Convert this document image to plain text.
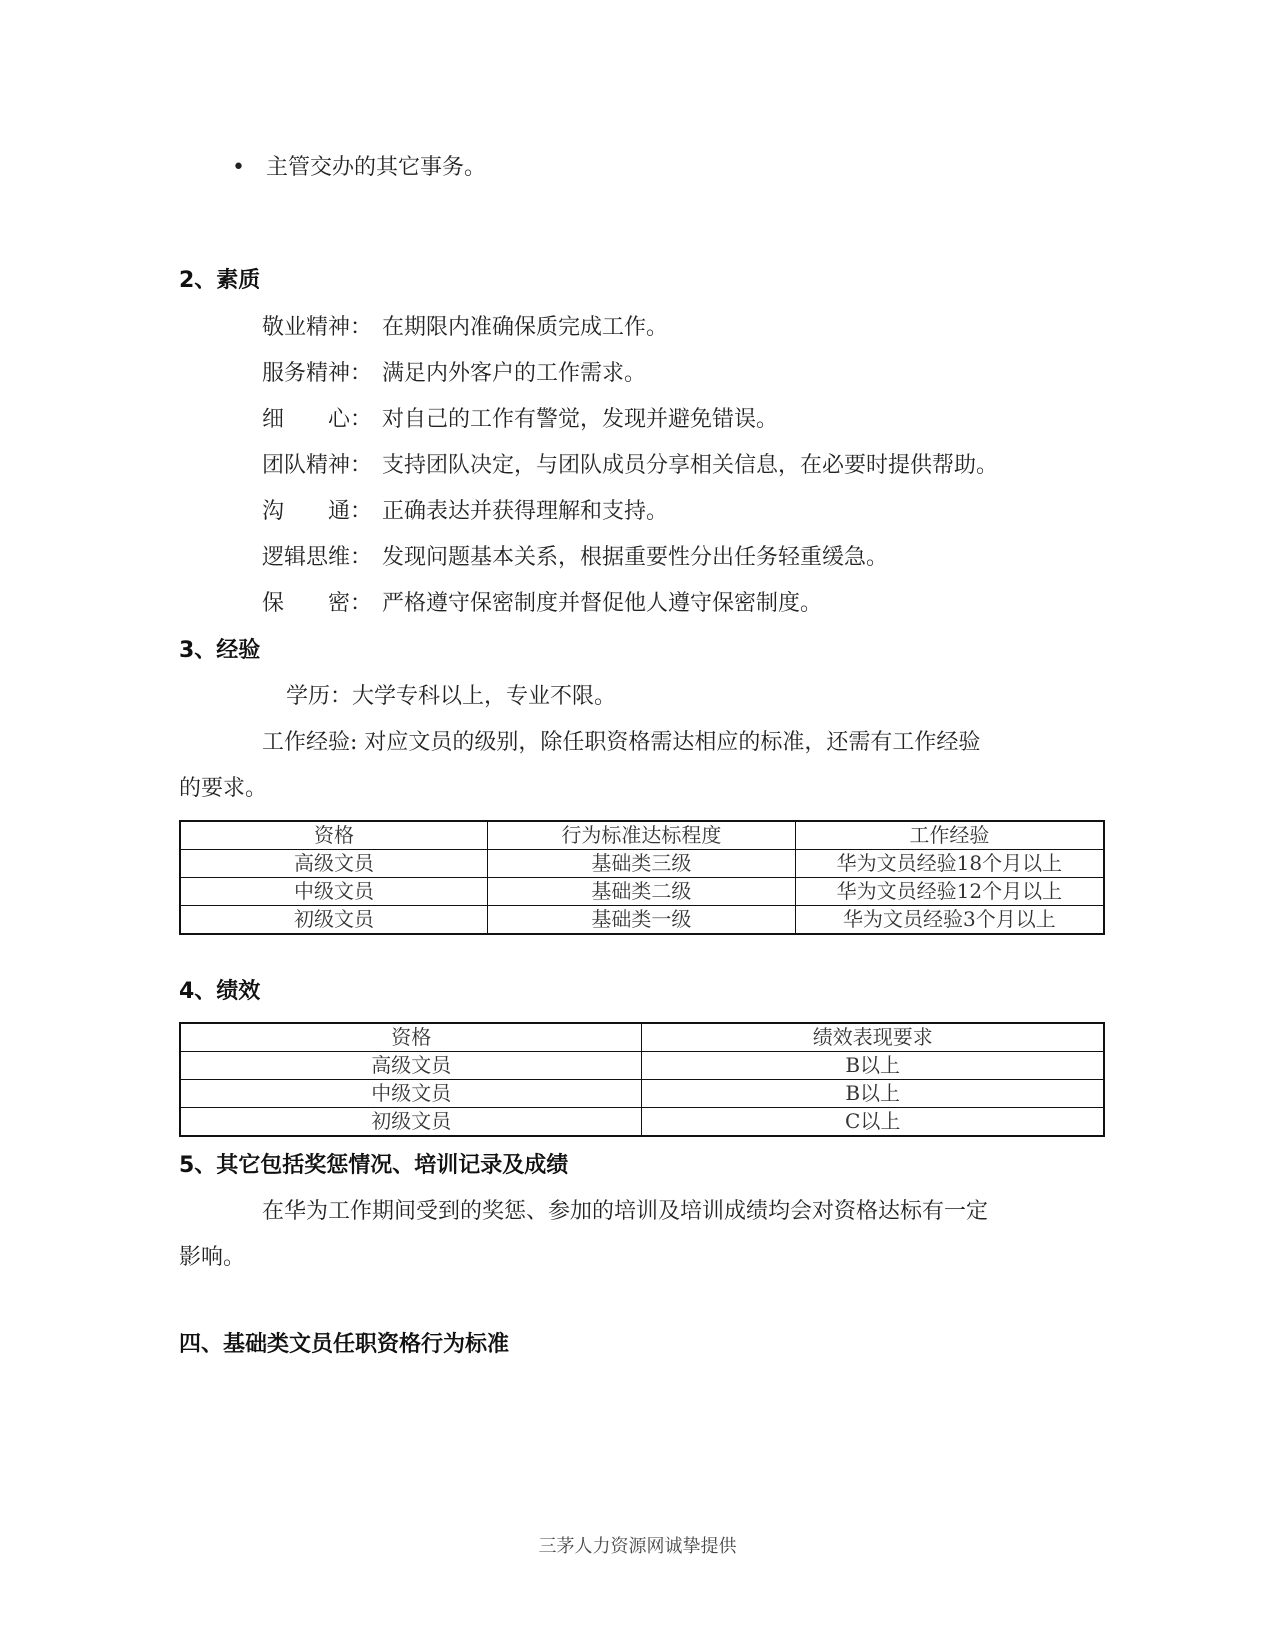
• 主管交办的其它事务。
2、素质
敬业精神： 在期限内准确保质完成工作。
服务精神： 满足内外客户的工作需求。
细　　心： 对自己的工作有警觉，发现并避免错误。
团队精神： 支持团队决定，与团队成员分享相关信息，在必要时提供帮助。
沟　　通： 正确表达并获得理解和支持。
逻辑思维： 发现问题基本关系，根据重要性分出任务轻重缓急。
保　　密： 严格遵守保密制度并督促他人遵守保密制度。
3、经验
学历：大学专科以上，专业不限。
工作经验: 对应文员的级别，除任职资格需达相应的标准，还需有工作经验
的要求。
资格	行为标准达标程度	工作经验
高级文员	基础类三级	华为文员经验18个月以上
中级文员	基础类二级	华为文员经验12个月以上
初级文员	基础类一级	华为文员经验3个月以上
4、绩效
资格	绩效表现要求
高级文员	B以上
中级文员	B以上
初级文员	C以上
5、其它包括奖惩情况、培训记录及成绩
在华为工作期间受到的奖惩、参加的培训及培训成绩均会对资格达标有一定
影响。
四、基础类文员任职资格行为标准
三茅人力资源网诚挚提供
